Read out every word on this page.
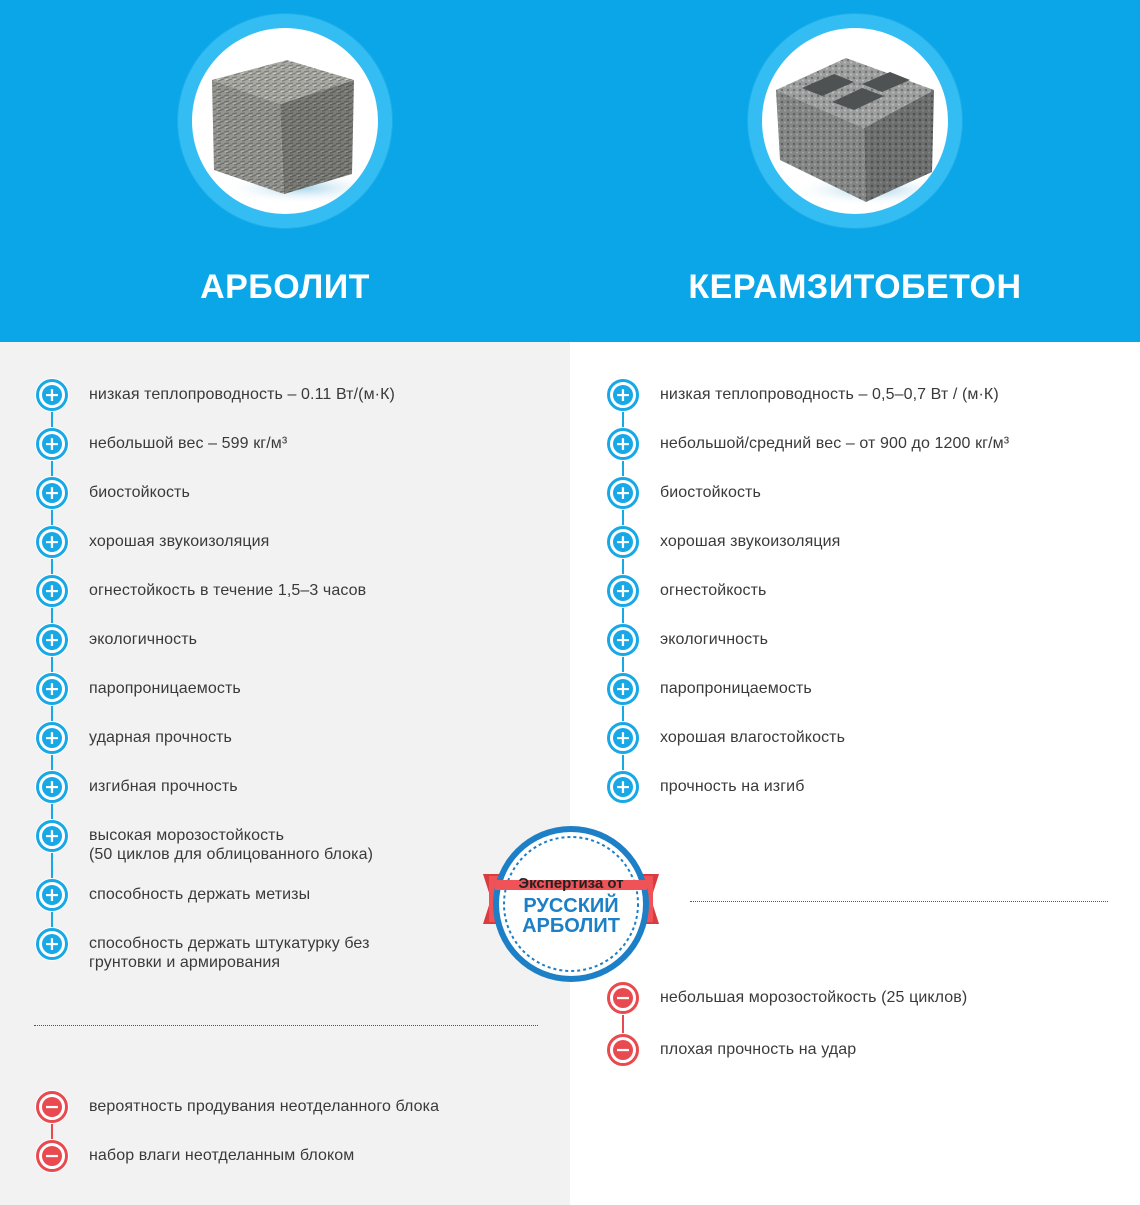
АРБОЛИТ	КЕРАМЗИТОБЕТОН
+ низкая теплопроводность – 0.11 Вт/(м·К)
+ небольшой вес – 599 кг/м³
+ биостойкость
+ хорошая звукоизоляция
+ огнестойкость в течение 1,5–3 часов
+ экологичность
+ паропроницаемость
+ ударная прочность
+ изгибная прочность
+ высокая морозостойкость
(50 циклов для облицованного блока)
+ способность держать метизы
+ способность держать штукатурку без
грунтовки и армирования
− вероятность продувания неотделанного блока
− набор влаги неотделанным блоком
+ низкая теплопроводность – 0,5–0,7 Вт / (м·К)
+ небольшой/средний вес – от 900 до 1200 кг/м³
+ биостойкость
+ хорошая звукоизоляция
+ огнестойкость
+ экологичность
+ паропроницаемость
+ хорошая влагостойкость
+ прочность на изгиб
− небольшая морозостойкость (25 циклов)
− плохая прочность на удар
Экспертиза от
РУССКИЙ
АРБОЛИТ
